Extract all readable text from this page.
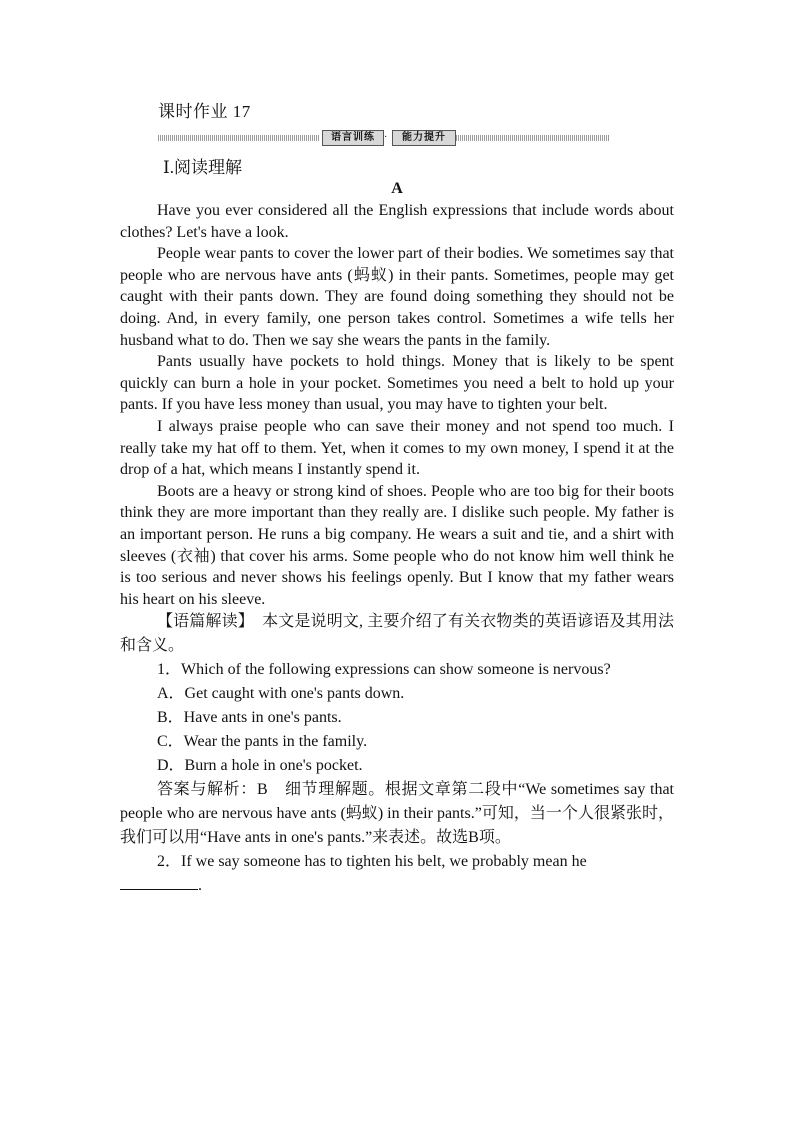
课时作业 17
语言训练 ·	能力提升
Ⅰ.阅读理解
A

Have you ever considered all the English expressions that include words about clothes? Let's have a look.

People wear pants to cover the lower part of their bodies. We sometimes say that people who are nervous have ants (蚂蚁) in their pants. Sometimes, people may get caught with their pants down. They are found doing something they should not be doing. And, in every family, one person takes control. Sometimes a wife tells her husband what to do. Then we say she wears the pants in the family.

Pants usually have pockets to hold things. Money that is likely to be spent quickly can burn a hole in your pocket. Sometimes you need a belt to hold up your pants. If you have less money than usual, you may have to tighten your belt.

I always praise people who can save their money and not spend too much. I really take my hat off to them. Yet, when it comes to my own money, I spend it at the drop of a hat, which means I instantly spend it.

Boots are a heavy or strong kind of shoes. People who are too big for their boots think they are more important than they really are. I dislike such people. My father is an important person. He runs a big company. He wears a suit and tie, and a shirt with sleeves (衣袖) that cover his arms. Some people who do not know him well think he is too serious and never shows his feelings openly. But I know that my father wears his heart on his sleeve.

【语篇解读】　本文是说明文, 主要介绍了有关衣物类的英语谚语及其用法和含义。

1．Which of the following expressions can show someone is nervous?

A．Get caught with one's pants down.

B．Have ants in one's pants.

C．Wear the pants in the family.

D．Burn a hole in one's pocket.

答案与解析：B　细节理解题。根据文章第二段中“We sometimes say that people who are nervous have ants (蚂蚁) in their pants.”可知，当一个人很紧张时，我们可以用“Have ants in one's pants.”来表述。故选B项。

2．If we say someone has to tighten his belt, we probably mean he

.
